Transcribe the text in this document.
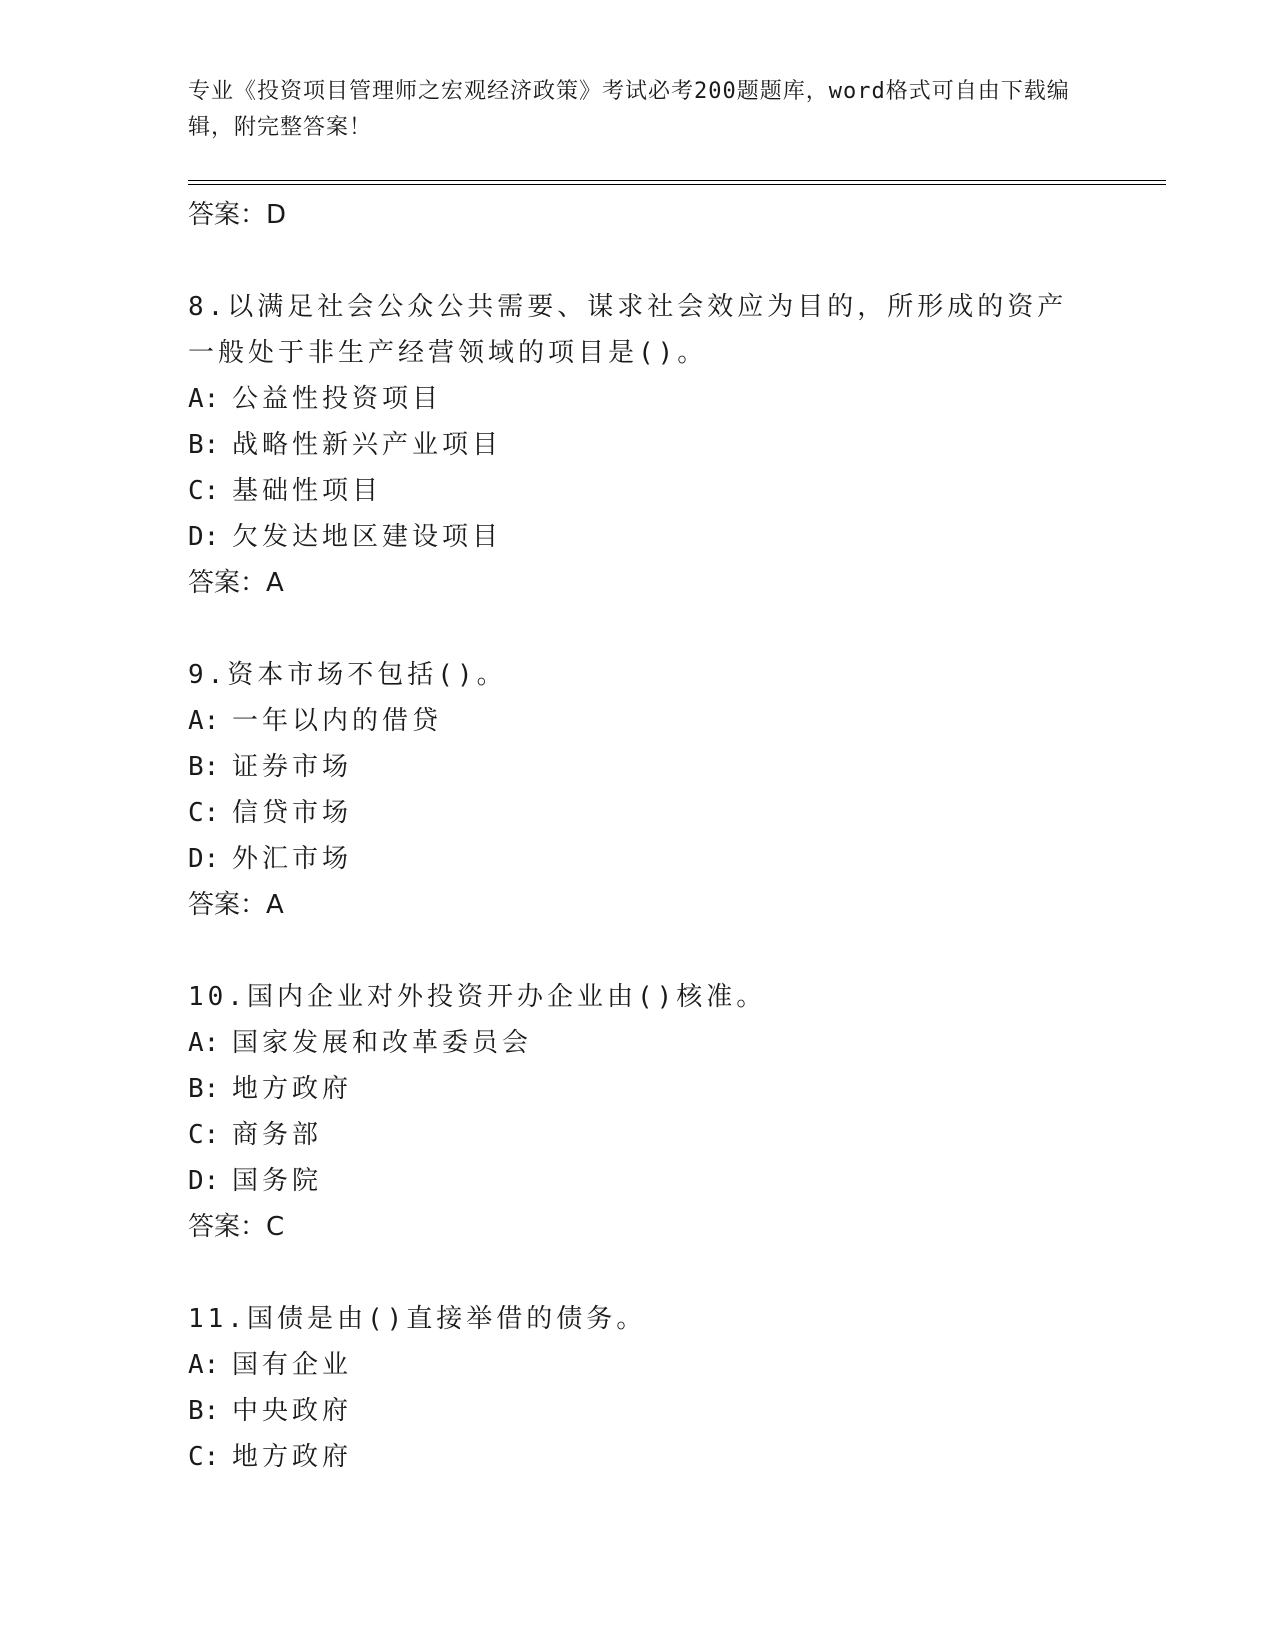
专业《投资项目管理师之宏观经济政策》考试必考200题题库，word格式可自由下载编辑，附完整答案！
答案：D
8.以满足社会公众公共需要、谋求社会效应为目的，所形成的资产一般处于非生产经营领域的项目是()。
A: 公益性投资项目
B: 战略性新兴产业项目
C: 基础性项目
D: 欠发达地区建设项目
答案：A
9.资本市场不包括()。
A: 一年以内的借贷
B: 证券市场
C: 信贷市场
D: 外汇市场
答案：A
10.国内企业对外投资开办企业由()核准。
A: 国家发展和改革委员会
B: 地方政府
C: 商务部
D: 国务院
答案：C
11.国债是由()直接举借的债务。
A: 国有企业
B: 中央政府
C: 地方政府
